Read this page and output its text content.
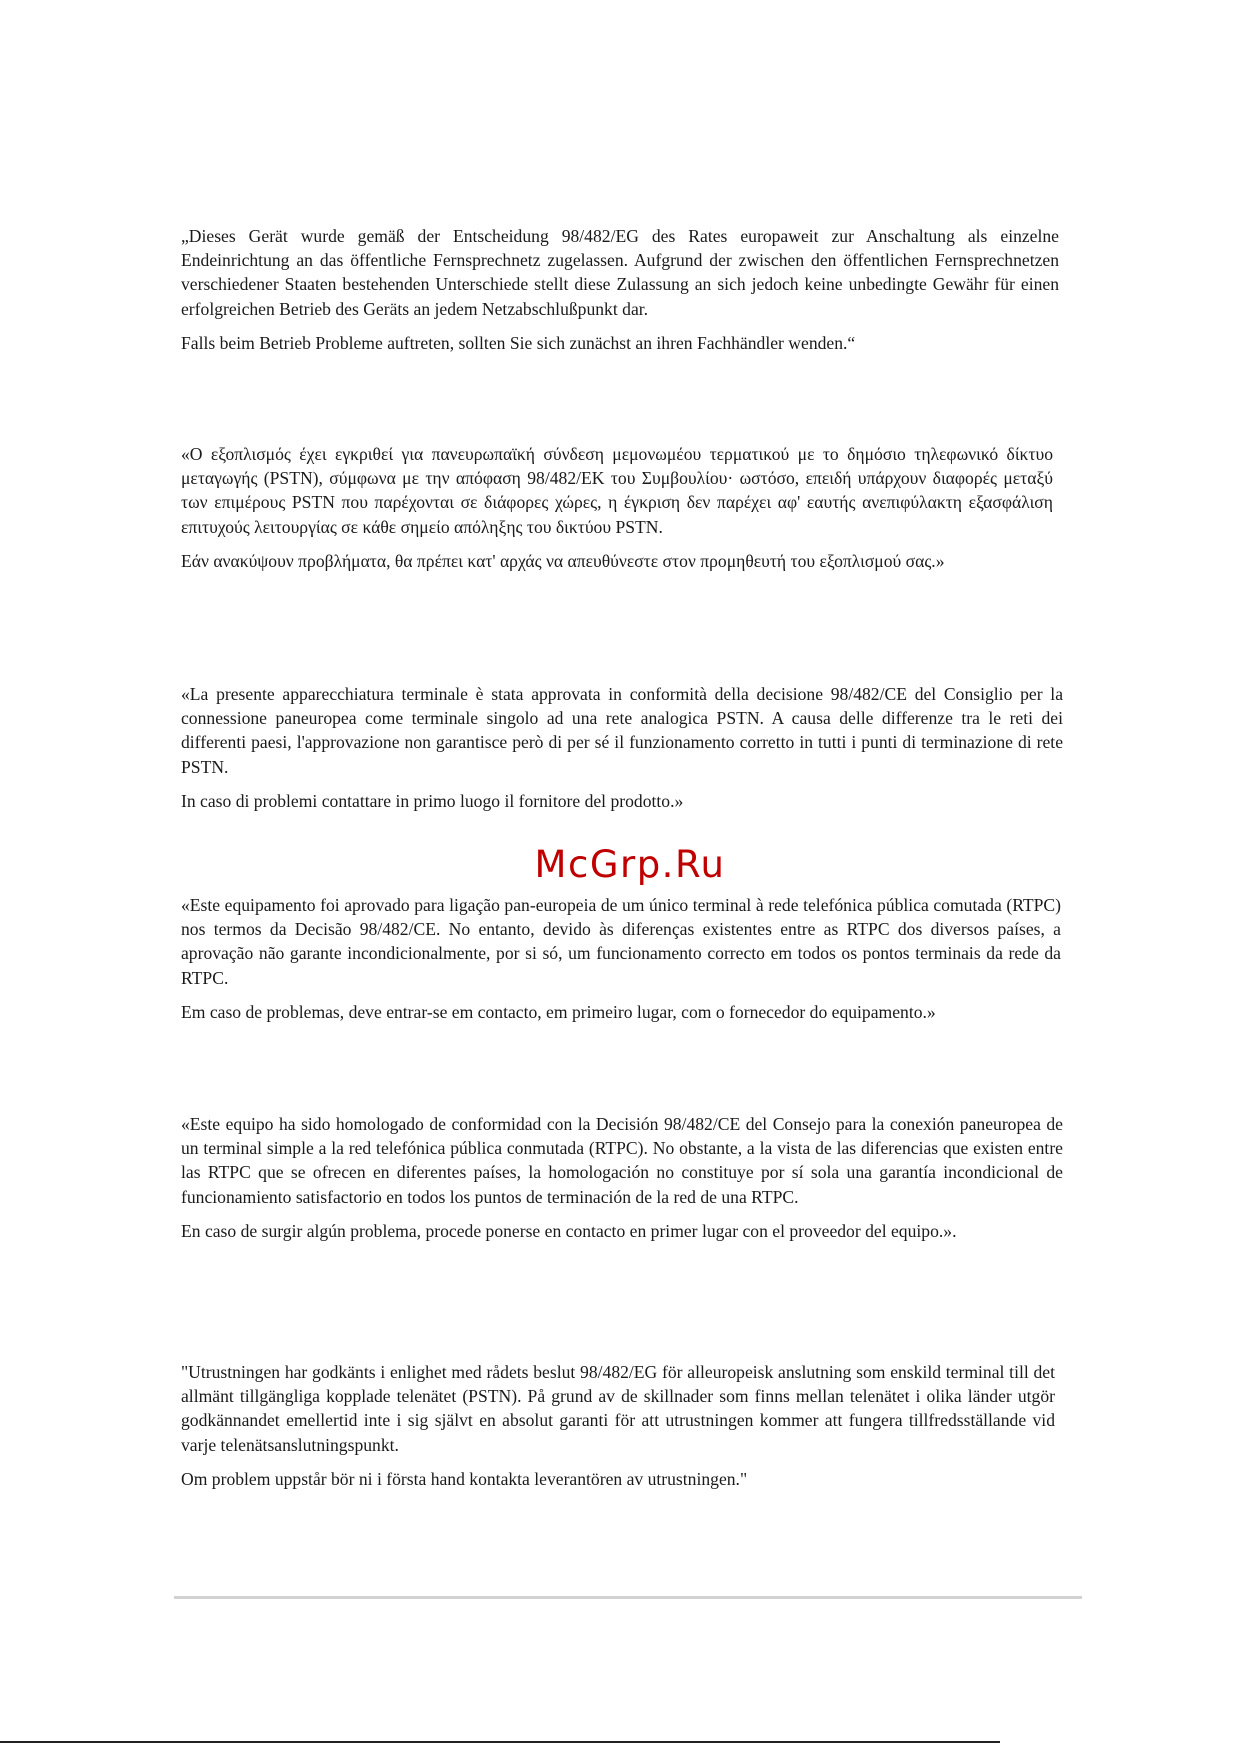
„Dieses Gerät wurde gemäß der Entscheidung 98/482/EG des Rates europaweit zur Anschaltung als einzelne Endeinrichtung an das öffentliche Fernsprechnetz zugelassen. Aufgrund der zwischen den öffentlichen Fernsprechnetzen verschiedener Staaten bestehenden Unterschiede stellt diese Zulassung an sich jedoch keine unbedingte Gewähr für einen erfolgreichen Betrieb des Geräts an jedem Netzabschlußpunkt dar.

Falls beim Betrieb Probleme auftreten, sollten Sie sich zunächst an ihren Fachhändler wenden.“

«Ο εξοπλισμός έχει εγκριθεί για πανευρωπαϊκή σύνδεση μεμονωμέου τερματικού με το δημόσιο τηλεφωνικό δίκτυο μεταγωγής (PSTN), σύμφωνα με την απόφαση 98/482/ΕΚ του Συμβουλίου· ωστόσο, επειδή υπάρχουν διαφορές μεταξύ των επιμέρους PSTN που παρέχονται σε διάφορες χώρες, η έγκριση δεν παρέχει αφ' εαυτής ανεπιφύλακτη εξασφάλιση επιτυχούς λειτουργίας σε κάθε σημείο απόληξης του δικτύου PSTN.

Εάν ανακύψουν προβλήματα, θα πρέπει κατ' αρχάς να απευθύνεστε στον προμηθευτή του εξοπλισμού σας.»

«La presente apparecchiatura terminale è stata approvata in conformità della decisione 98/482/CE del Consiglio per la connessione paneuropea come terminale singolo ad una rete analogica PSTN. A causa delle differenze tra le reti dei differenti paesi, l'approvazione non garantisce però di per sé il funzionamento corretto in tutti i punti di terminazione di rete PSTN.

In caso di problemi contattare in primo luogo il fornitore del prodotto.»

McGrp.Ru

«Este equipamento foi aprovado para ligação pan-europeia de um único terminal à rede telefónica pública comutada (RTPC) nos termos da Decisão 98/482/CE. No entanto, devido às diferenças existentes entre as RTPC dos diversos países, a aprovação não garante incondicionalmente, por si só, um funcionamento correcto em todos os pontos terminais da rede da RTPC.

Em caso de problemas, deve entrar-se em contacto, em primeiro lugar, com o fornecedor do equipamento.»

«Este equipo ha sido homologado de conformidad con la Decisión 98/482/CE del Consejo para la conexión paneuropea de un terminal simple a la red telefónica pública conmutada (RTPC). No obstante, a la vista de las diferencias que existen entre las RTPC que se ofrecen en diferentes países, la homologación no constituye por sí sola una garantía incondicional de funcionamiento satisfactorio en todos los puntos de terminación de la red de una RTPC.

En caso de surgir algún problema, procede ponerse en contacto en primer lugar con el proveedor del equipo.».

"Utrustningen har godkänts i enlighet med rådets beslut 98/482/EG för alleuropeisk anslutning som enskild terminal till det allmänt tillgängliga kopplade telenätet (PSTN). På grund av de skillnader som finns mellan telenätet i olika länder utgör godkännandet emellertid inte i sig självt en absolut garanti för att utrustningen kommer att fungera tillfredsställande vid varje telenätsanslutningspunkt.

Om problem uppstår bör ni i första hand kontakta leverantören av utrustningen."
